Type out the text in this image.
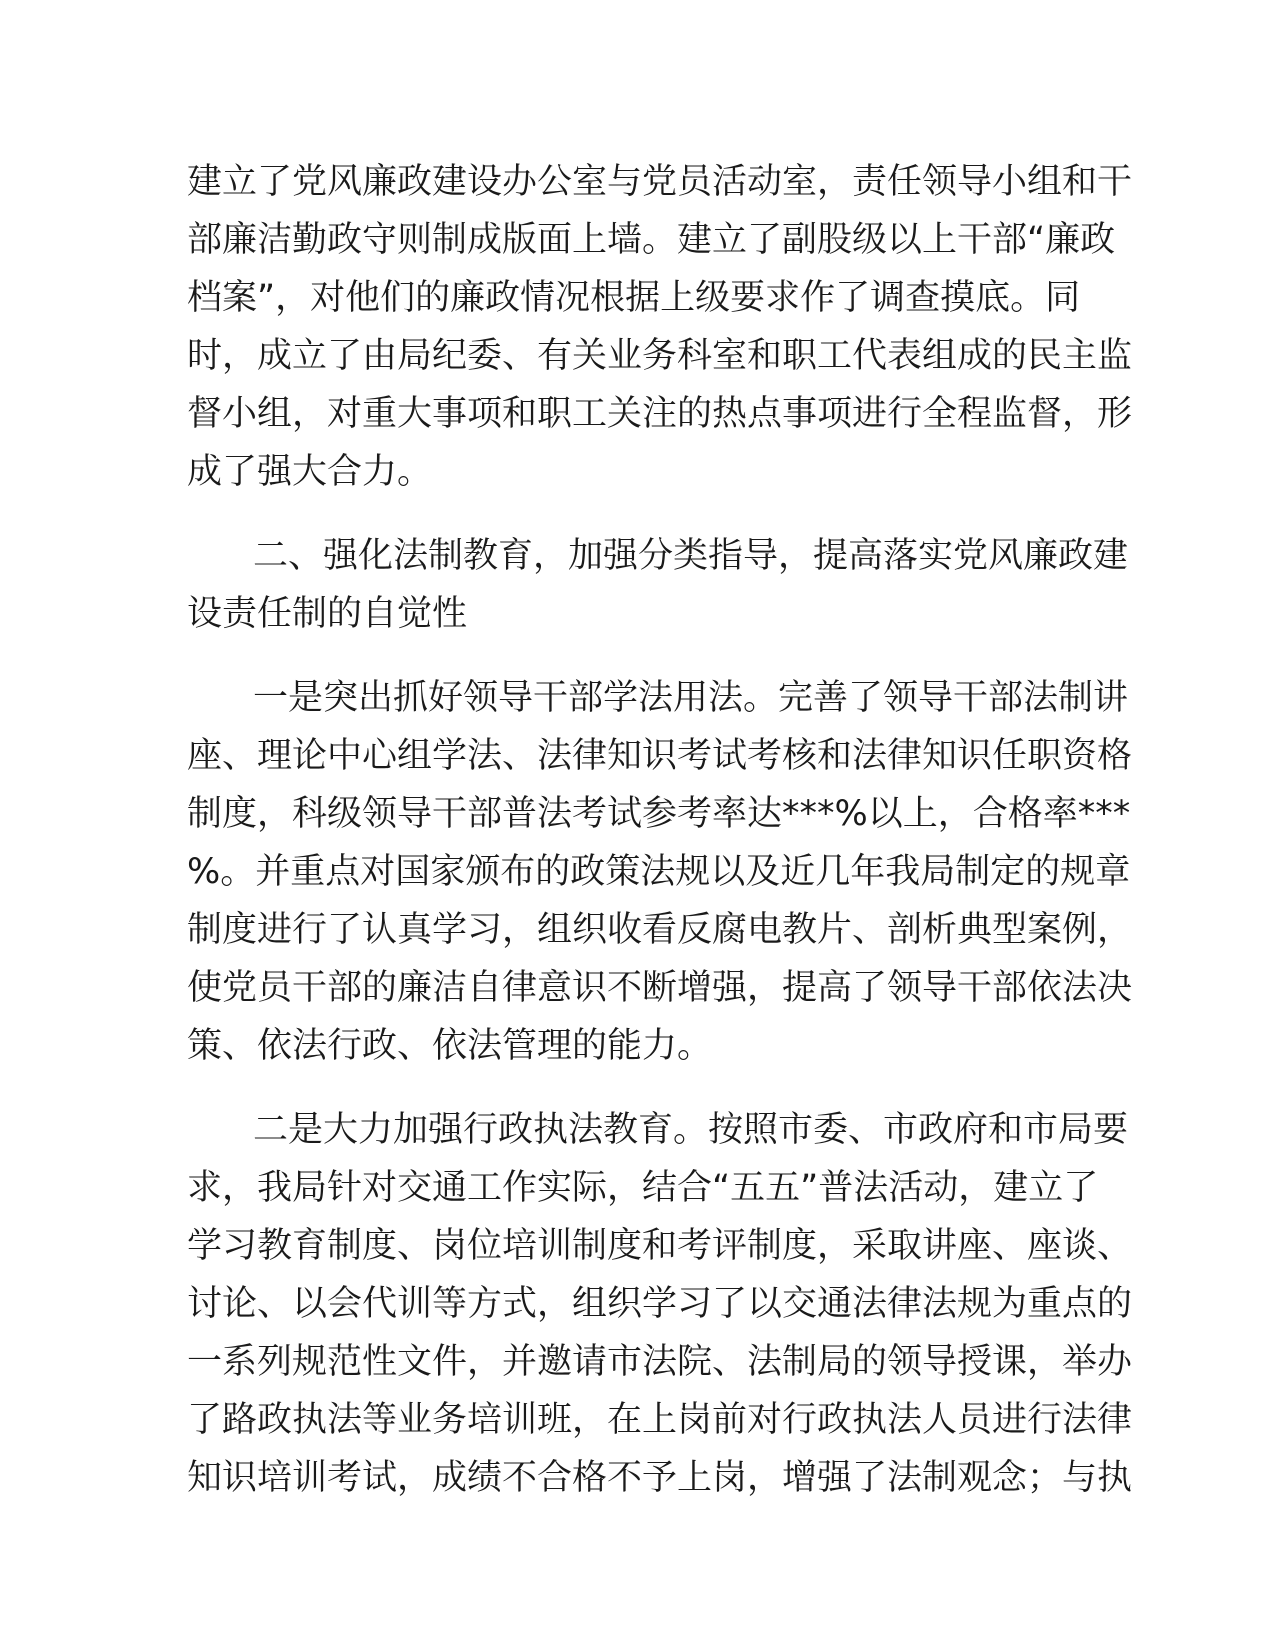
建立了党风廉政建设办公室与党员活动室，责任领导小组和干
部廉洁勤政守则制成版面上墙。建立了副股级以上干部“廉政
档案”，对他们的廉政情况根据上级要求作了调查摸底。同
时，成立了由局纪委、有关业务科室和职工代表组成的民主监
督小组，对重大事项和职工关注的热点事项进行全程监督，形
成了强大合力。
二、强化法制教育，加强分类指导，提高落实党风廉政建
设责任制的自觉性
一是突出抓好领导干部学法用法。完善了领导干部法制讲
座、理论中心组学法、法律知识考试考核和法律知识任职资格
制度，科级领导干部普法考试参考率达***%以上，合格率***
%。并重点对国家颁布的政策法规以及近几年我局制定的规章
制度进行了认真学习，组织收看反腐电教片、剖析典型案例，
使党员干部的廉洁自律意识不断增强，提高了领导干部依法决
策、依法行政、依法管理的能力。
二是大力加强行政执法教育。按照市委、市政府和市局要
求，我局针对交通工作实际，结合“五五”普法活动，建立了
学习教育制度、岗位培训制度和考评制度，采取讲座、座谈、
讨论、以会代训等方式，组织学习了以交通法律法规为重点的
一系列规范性文件，并邀请市法院、法制局的领导授课，举办
了路政执法等业务培训班，在上岗前对行政执法人员进行法律
知识培训考试，成绩不合格不予上岗，增强了法制观念；与执
